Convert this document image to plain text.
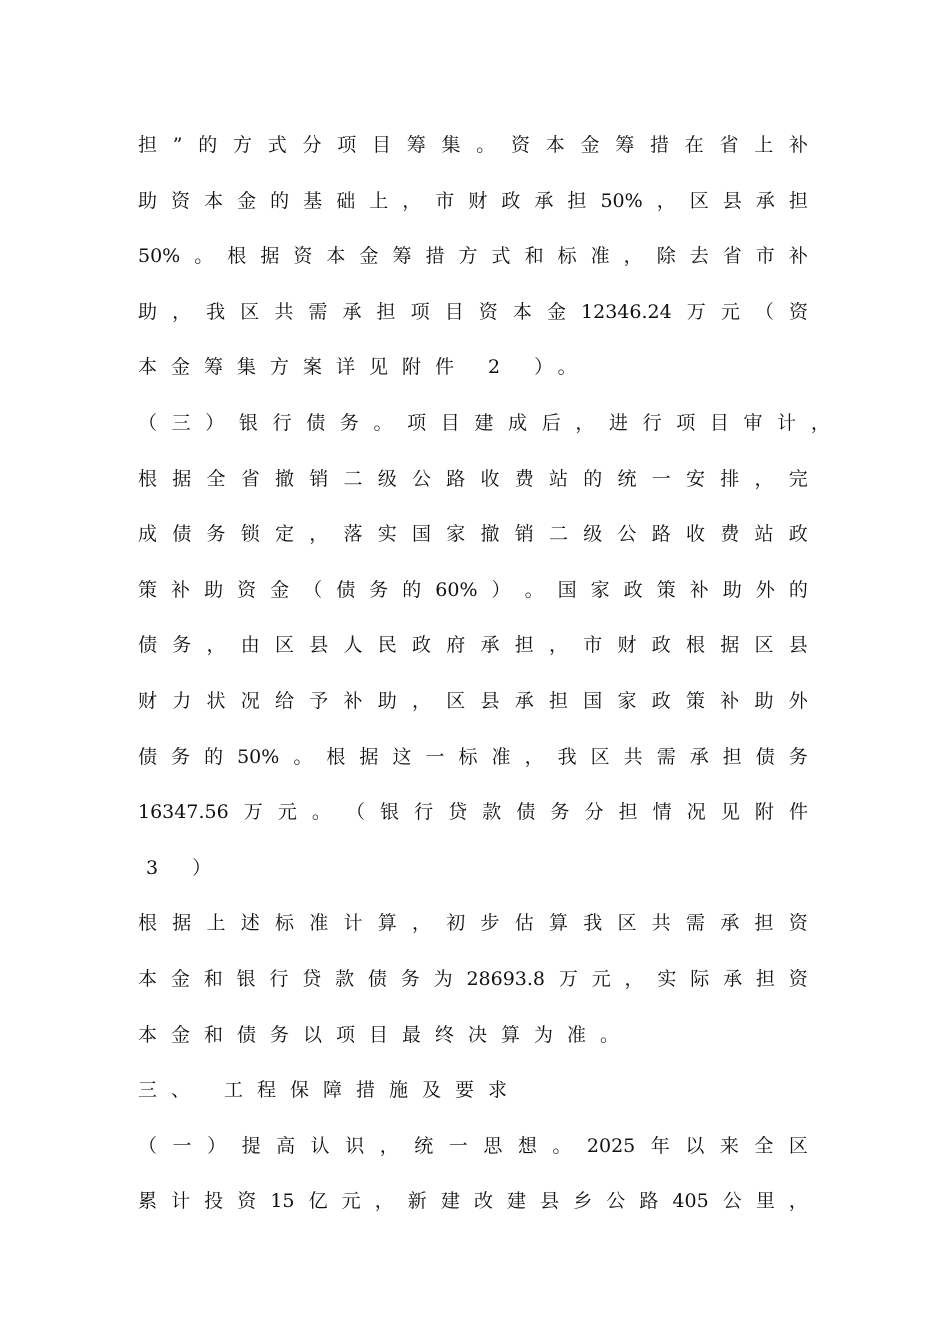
担 ” 的 方 式 分 项 目 筹 集 。 资 本 金 筹 措 在 省 上 补
助 资 本 金 的 基 础 上 ， 市 财 政 承 担 50% ， 区 县 承 担
50% 。 根 据 资 本 金 筹 措 方 式 和 标 准 ， 除 去 省 市 补
助 ， 我 区 共 需 承 担 项 目 资 本 金 12346.24 万 元 （ 资
本金筹集方案详见附件 2 ）。
（ 三 ） 银 行 债 务 。 项 目 建 成 后 ， 进 行 项 目 审 计 ，
根 据 全 省 撤 销 二 级 公 路 收 费 站 的 统 一 安 排 ， 完
成 债 务 锁 定 ， 落 实 国 家 撤 销 二 级 公 路 收 费 站 政
策 补 助 资 金 （ 债 务 的 60% ） 。 国 家 政 策 补 助 外 的
债 务 ， 由 区 县 人 民 政 府 承 担 ， 市 财 政 根 据 区 县
财 力 状 况 给 予 补 助 ， 区 县 承 担 国 家 政 策 补 助 外
债 务 的 50% 。 根 据 这 一 标 准 ， 我 区 共 需 承 担 债 务
16347.56 万 元 。 （ 银 行 贷 款 债 务 分 担 情 况 见 附 件
3 ）
根 据 上 述 标 准 计 算 ， 初 步 估 算 我 区 共 需 承 担 资
本 金 和 银 行 贷 款 债 务 为 28693.8 万 元 ， 实 际 承 担 资
本金和债务以项目最终决算为准。
三、 工程保障措施及要求
（ 一 ） 提 高 认 识 ， 统 一 思 想 。 2025 年 以 来 全 区
累 计 投 资 15 亿 元 ， 新 建 改 建 县 乡 公 路 405 公 里 ，
